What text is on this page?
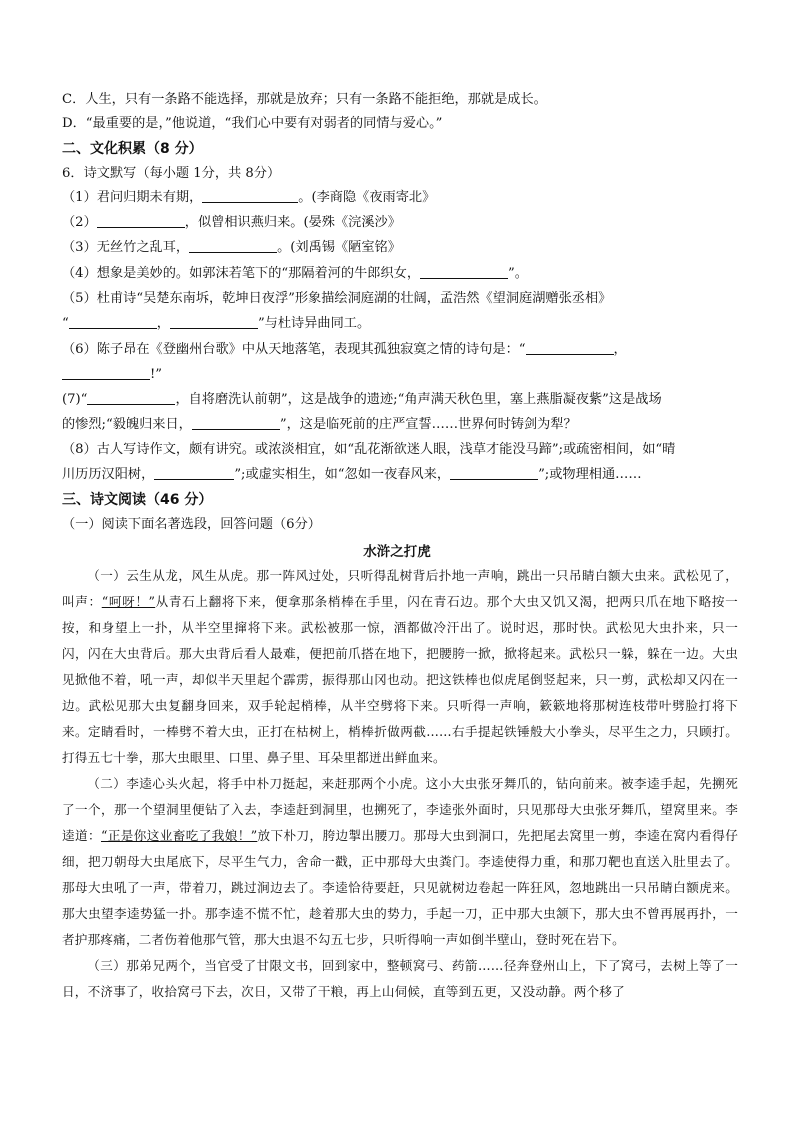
C．人生，只有一条路不能选择，那就是放弃；只有一条路不能拒绝，那就是成长。
D．“最重要的是，”他说道，“我们心中要有对弱者的同情与爱心。”
二、文化积累（8 分）
6．诗文默写（每小题 1分，共 8分）
（1）君问归期未有期，	。(李商隐《夜雨寄北》
（2）	，似曾相识燕归来。(晏殊《浣溪沙》
（3）无丝竹之乱耳，	。(刘禹锡《陋室铭》
（4）想象是美妙的。如郭沫若笔下的“那隔着河的牛郎织女，	”。
（5）杜甫诗“吴楚东南坼，乾坤日夜浮”形象描绘洞庭湖的壮阔，孟浩然《望洞庭湖赠张丞相》
“	，	”与杜诗异曲同工。
（6）陈子昂在《登幽州台歌》中从天地落笔，表现其孤独寂寞之情的诗句是：“	，
!”
(7)“	，自将磨洗认前朝”，这是战争的遗迹;“角声满天秋色里，塞上燕脂凝夜紫”这是战场
的惨烈;“毅魄归来日，	”，这是临死前的庄严宣誓……世界何时铸剑为犁？
（8）古人写诗作文，颇有讲究。或浓淡相宜，如“乱花渐欲迷人眼，浅草才能没马蹄”;或疏密相间，如“晴
川历历汉阳树，	”;或虚实相生，如“忽如一夜春风来，	”;或物理相通……
三、诗文阅读（46 分）
（一）阅读下面名著选段，回答问题（6分）
水浒之打虎

（一）云生从龙，风生从虎。那一阵风过处，只听得乱树背后扑地一声响，跳出一只吊睛白额大虫来。武松见了，叫声：“呵呀！”从青石上翻将下来，便拿那条梢棒在手里，闪在青石边。那个大虫又饥又渴，把两只爪在地下略按一按，和身望上一扑，从半空里撺将下来。武松被那一惊，酒都做冷汗出了。说时迟，那时快。武松见大虫扑来，只一闪，闪在大虫背后。那大虫背后看人最难，便把前爪搭在地下，把腰胯一掀，掀将起来。武松只一躲，躲在一边。大虫见掀他不着，吼一声，却似半天里起个霹雳，振得那山冈也动。把这铁棒也似虎尾倒竖起来，只一剪，武松却又闪在一边。武松见那大虫复翻身回来，双手轮起梢棒，从半空劈将下来。只听得一声响，簌簌地将那树连枝带叶劈脸打将下来。定睛看时，一棒劈不着大虫，正打在枯树上，梢棒折做两截……右手提起铁锤般大小拳头，尽平生之力，只顾打。打得五七十拳，那大虫眼里、口里、鼻子里、耳朵里都迸出鲜血来。

（二）李逵心头火起，将手中朴刀挺起，来赶那两个小虎。这小大虫张牙舞爪的，钻向前来。被李逵手起，先搠死了一个，那一个望洞里便钻了入去，李逵赶到洞里，也搠死了，李逵张外面时，只见那母大虫张牙舞爪，望窝里来。李逵道：“正是你这业畜吃了我娘！”放下朴刀，胯边掣出腰刀。那母大虫到洞口，先把尾去窝里一剪，李逵在窝内看得仔细，把刀朝母大虫尾底下，尽平生气力，舍命一戳，正中那母大虫粪门。李逵使得力重，和那刀靶也直送入肚里去了。那母大虫吼了一声，带着刀，跳过涧边去了。李逵恰待要赶，只见就树边卷起一阵狂风，忽地跳出一只吊睛白额虎来。那大虫望李逵势猛一扑。那李逵不慌不忙，趁着那大虫的势力，手起一刀，正中那大虫颔下，那大虫不曾再展再扑，一者护那疼痛，二者伤着他那气管，那大虫退不勾五七步，只听得响一声如倒半壁山，登时死在岩下。

（三）那弟兄两个，当官受了甘限文书，回到家中，整顿窝弓、药箭……径奔登州山上，下了窝弓，去树上等了一日，不济事了，收拾窝弓下去，次日，又带了干粮，再上山伺候，直等到五更，又没动静。两个移了
